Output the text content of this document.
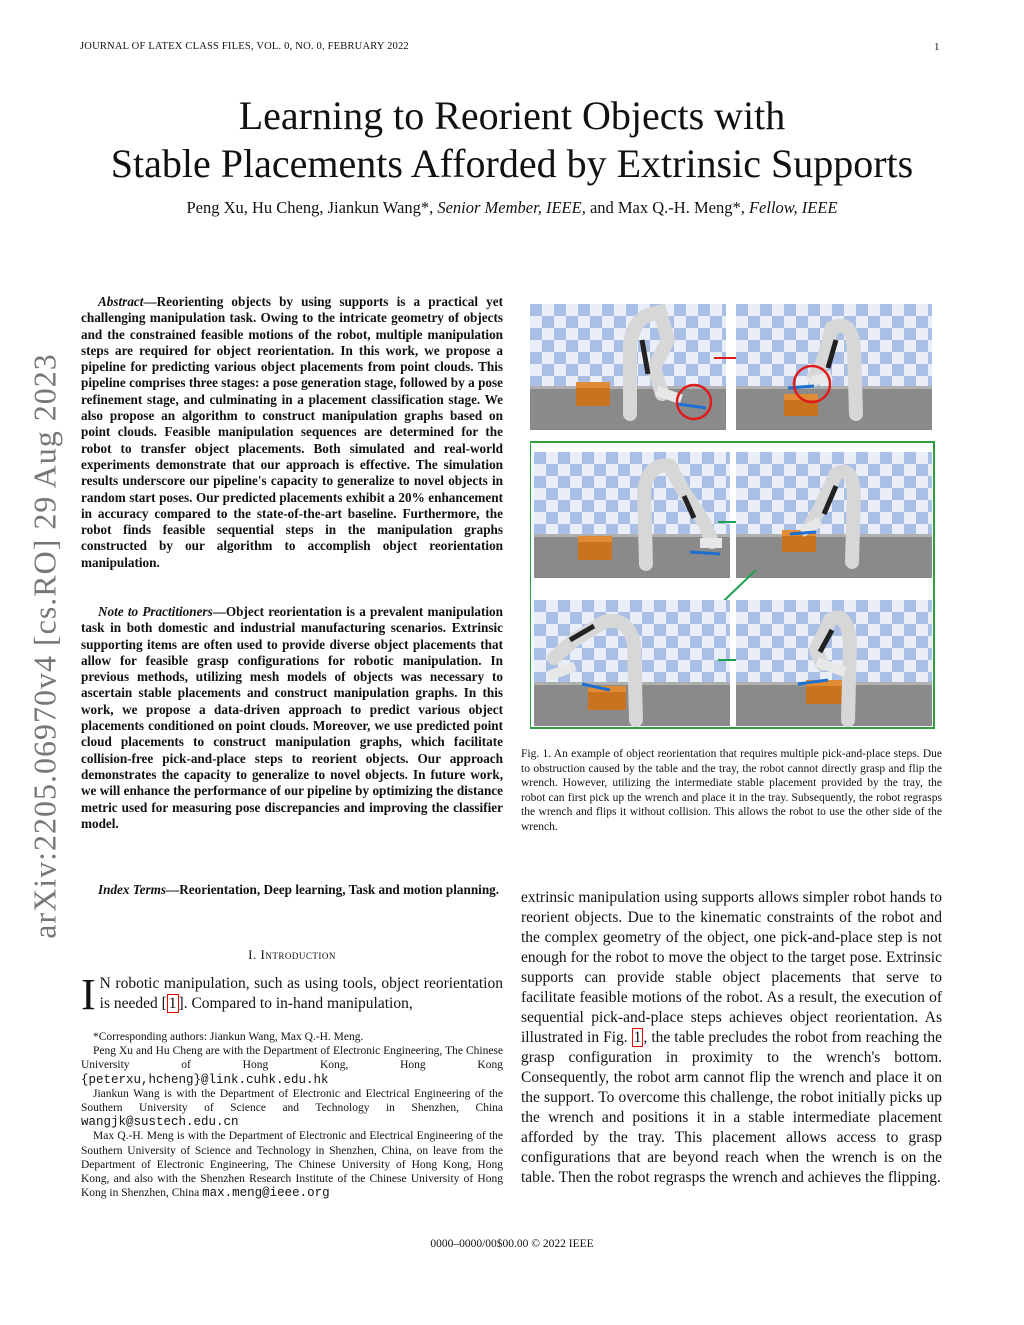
JOURNAL OF LATEX CLASS FILES, VOL. 0, NO. 0, FEBRUARY 2022	1
Learning to Reorient Objects with
Stable Placements Afforded by Extrinsic Supports
Peng Xu, Hu Cheng, Jiankun Wang*, Senior Member, IEEE, and Max Q.-H. Meng*, Fellow, IEEE
arXiv:2205.06970v4 [cs.RO] 29 Aug 2023

Abstract—Reorienting objects by using supports is a practical yet challenging manipulation task. Owing to the intricate geometry of objects and the constrained feasible motions of the robot, multiple manipulation steps are required for object reorientation. In this work, we propose a pipeline for predicting various object placements from point clouds. This pipeline comprises three stages: a pose generation stage, followed by a pose refinement stage, and culminating in a placement classification stage. We also propose an algorithm to construct manipulation graphs based on point clouds. Feasible manipulation sequences are determined for the robot to transfer object placements. Both simulated and real-world experiments demonstrate that our approach is effective. The simulation results underscore our pipeline's capacity to generalize to novel objects in random start poses. Our predicted placements exhibit a 20% enhancement in accuracy compared to the state-of-the-art baseline. Furthermore, the robot finds feasible sequential steps in the manipulation graphs constructed by our algorithm to accomplish object reorientation manipulation.

Note to Practitioners—Object reorientation is a prevalent manipulation task in both domestic and industrial manufacturing scenarios. Extrinsic supporting items are often used to provide diverse object placements that allow for feasible grasp configurations for robotic manipulation. In previous methods, utilizing mesh models of objects was necessary to ascertain stable placements and construct manipulation graphs. In this work, we propose a data-driven approach to predict various object placements conditioned on point clouds. Moreover, we use predicted point cloud placements to construct manipulation graphs, which facilitate collision-free pick-and-place steps to reorient objects. Our approach demonstrates the capacity to generalize to novel objects. In future work, we will enhance the performance of our pipeline by optimizing the distance metric used for measuring pose discrepancies and improving the classifier model.

Index Terms—Reorientation, Deep learning, Task and motion planning.

I. Introduction
I N robotic manipulation, such as using tools, object reorientation is needed [ 1 ]. Compared to in-hand manipulation,

*Corresponding authors: Jiankun Wang, Max Q.-H. Meng.

Peng Xu and Hu Cheng are with the Department of Electronic Engineering, The Chinese University of Hong Kong, Hong Kong {peterxu,hcheng}@link.cuhk.edu.hk

Jiankun Wang is with the Department of Electronic and Electrical Engineering of the Southern University of Science and Technology in Shenzhen, China wangjk@sustech.edu.cn

Max Q.-H. Meng is with the Department of Electronic and Electrical Engineering of the Southern University of Science and Technology in Shenzhen, China, on leave from the Department of Electronic Engineering, The Chinese University of Hong Kong, Hong Kong, and also with the Shenzhen Research Institute of the Chinese University of Hong Kong in Shenzhen, China max.meng@ieee.org

Fig. 1. An example of object reorientation that requires multiple pick-and-place steps. Due to obstruction caused by the table and the tray, the robot cannot directly grasp and flip the wrench. However, utilizing the intermediate stable placement provided by the tray, the robot can first pick up the wrench and place it in the tray. Subsequently, the robot regrasps the wrench and flips it without collision. This allows the robot to use the other side of the wrench.
extrinsic manipulation using supports allows simpler robot hands to reorient objects. Due to the kinematic constraints of the robot and the complex geometry of the object, one pick-and-place step is not enough for the robot to move the object to the target pose. Extrinsic supports can provide stable object placements that serve to facilitate feasible motions of the robot. As a result, the execution of sequential pick-and-place steps achieves object reorientation. As illustrated in Fig. 1 , the table precludes the robot from reaching the grasp configuration in proximity to the wrench's bottom. Consequently, the robot arm cannot flip the wrench and place it on the support. To overcome this challenge, the robot initially picks up the wrench and positions it in a stable intermediate placement afforded by the tray. This placement allows access to grasp configurations that are beyond reach when the wrench is on the table. Then the robot regrasps the wrench and achieves the flipping.
0000–0000/00$00.00 © 2022 IEEE
